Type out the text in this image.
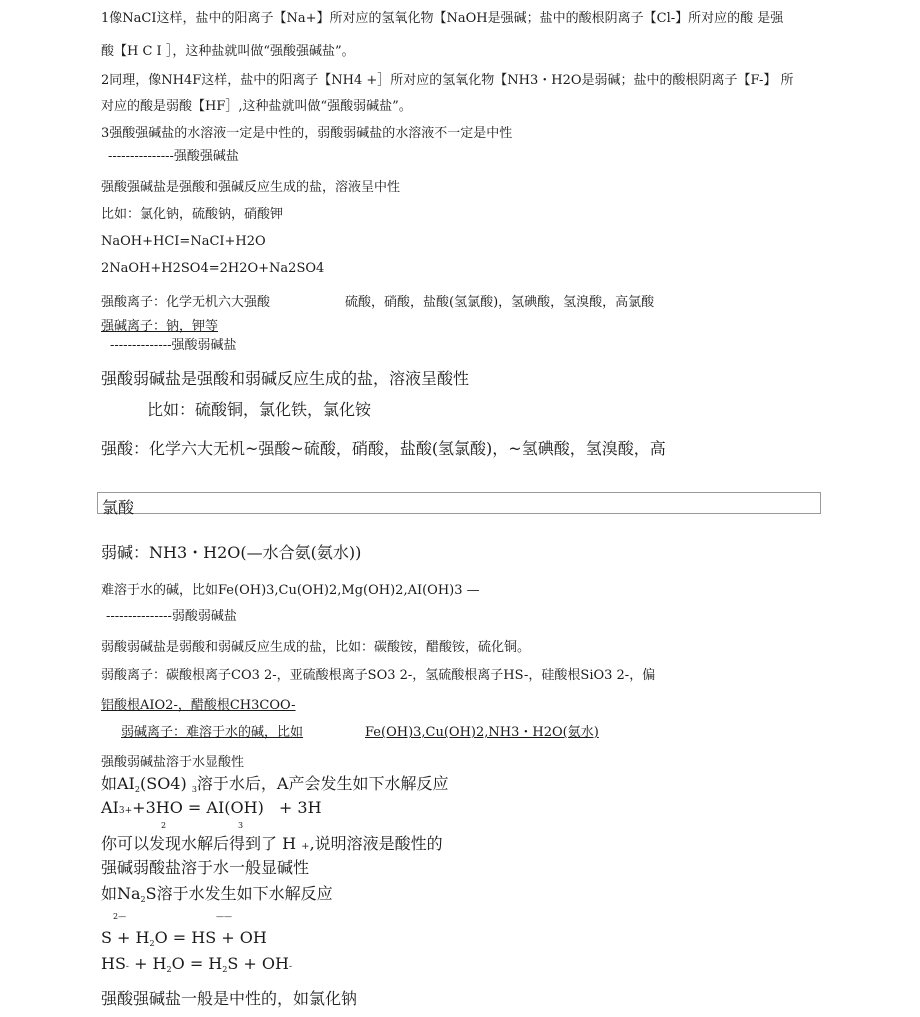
1像NaCI这样，盐中的阳离子【Na+】所对应的氢氧化物【NaOH是强碱；盐中的酸根阴离子【Cl-】所对应的酸 是强
酸【H C I ］，这种盐就叫做“强酸强碱盐”。
2同理，像NH4F这样，盐中的阳离子【NH4 +］所对应的氢氧化物【NH3・H2O是弱碱；盐中的酸根阴离子【F-】 所
对应的酸是弱酸【HF］,这种盐就叫做“强酸弱碱盐”。
3强酸强碱盐的水溶液一定是中性的，弱酸弱碱盐的水溶液不一定是中性
---------------强酸强碱盐
强酸强碱盐是强酸和强碱反应生成的盐，溶液呈中性
比如：氯化钠，硫酸钠，硝酸钾
NaOH+HCI=NaCI+H2O
2NaOH+H2SO4=2H2O+Na2SO4
强酸离子：化学无机六大强酸	硫酸，硝酸，盐酸(氢氯酸)，氢碘酸，氢溴酸，高氯酸
强碱离子：钠，钾等
--------------强酸弱碱盐
强酸弱碱盐是强酸和弱碱反应生成的盐，溶液呈酸性
比如：硫酸铜，氯化铁，氯化铵
强酸：化学六大无机~强酸~硫酸，硝酸，盐酸(氢氯酸)，~氢碘酸，氢溴酸，高
氯酸
弱碱：NH3・H2O(—水合氨(氨水))
难溶于水的碱，比如Fe(OH)3,Cu(OH)2,Mg(OH)2,AI(OH)3 —
---------------弱酸弱碱盐
弱酸弱碱盐是弱酸和弱碱反应生成的盐，比如：碳酸铵，醋酸铵，硫化铜。
弱酸离子：碳酸根离子CO3 2-，亚硫酸根离子SO3 2-，氢硫酸根离子HS-，硅酸根SiO3 2-，偏
铝酸根AIO2-，醋酸根CH3COO-
弱碱离子：难溶于水的碱，比如	Fe(OH)3,Cu(OH)2,NH3・H2O(氨水)
强酸弱碱盐溶于水显酸性
如$AI_2(SO4)$ $_3$溶于水后，A产会发生如下水解反应
AI3++3HO = AI(OH) + 3H
2	3
你可以发现水解后得到了 H ₊,说明溶液是酸性的
强碱弱酸盐溶于水一般显碱性
如$Na_2S$溶于水发生如下水解反应
2—	——
$S + H_2O$ = HS + OH
$HS- + H_2O = H_2S + OH-$
强酸强碱盐一般是中性的，如氯化钠
